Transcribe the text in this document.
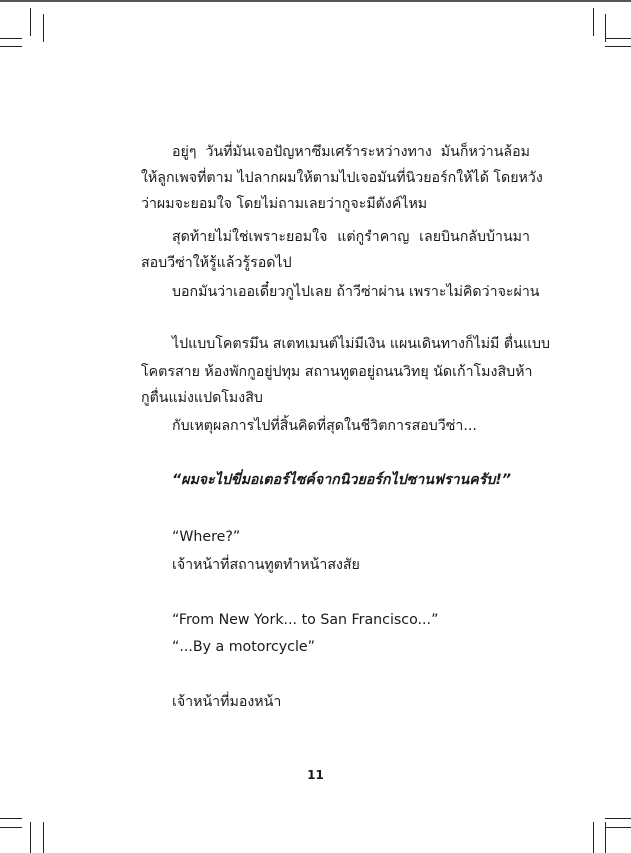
อยู่ๆ วันที่มันเจอปัญหาซึมเศร้าระหว่างทาง มันก็หว่านล้อม
ให้ลูกเพจที่ตาม ไปลากผมให้ตามไปเจอมันที่นิวยอร์กให้ได้ โดยหวัง
ว่าผมจะยอมใจ โดยไม่ถามเลยว่ากูจะมีตังค์ไหม
สุดท้ายไม่ใช่เพราะยอมใจ แต่กูรำคาญ เลยบินกลับบ้านมา
สอบวีซ่าให้รู้แล้วรู้รอดไป
บอกมันว่าเออเดี๋ยวกูไปเลย ถ้าวีซ่าผ่าน เพราะไม่คิดว่าจะผ่าน
ไปแบบโคตรมึน สเตทเมนต์ไม่มีเงิน แผนเดินทางก็ไม่มี ตื่นแบบ
โคตรสาย ห้องพักกูอยู่ปทุม สถานทูตอยู่ถนนวิทยุ นัดเก้าโมงสิบห้า
กูตื่นแม่งแปดโมงสิบ
กับเหตุผลการไปที่สิ้นคิดที่สุดในชีวิตการสอบวีซ่า...
“ผมจะไปขี่มอเตอร์ไซค์จากนิวยอร์กไปซานฟรานครับ!”
“Where?”
เจ้าหน้าที่สถานทูตทำหน้าสงสัย
“From New York... to San Francisco...”
“...By a motorcycle”
เจ้าหน้าที่มองหน้า
11
